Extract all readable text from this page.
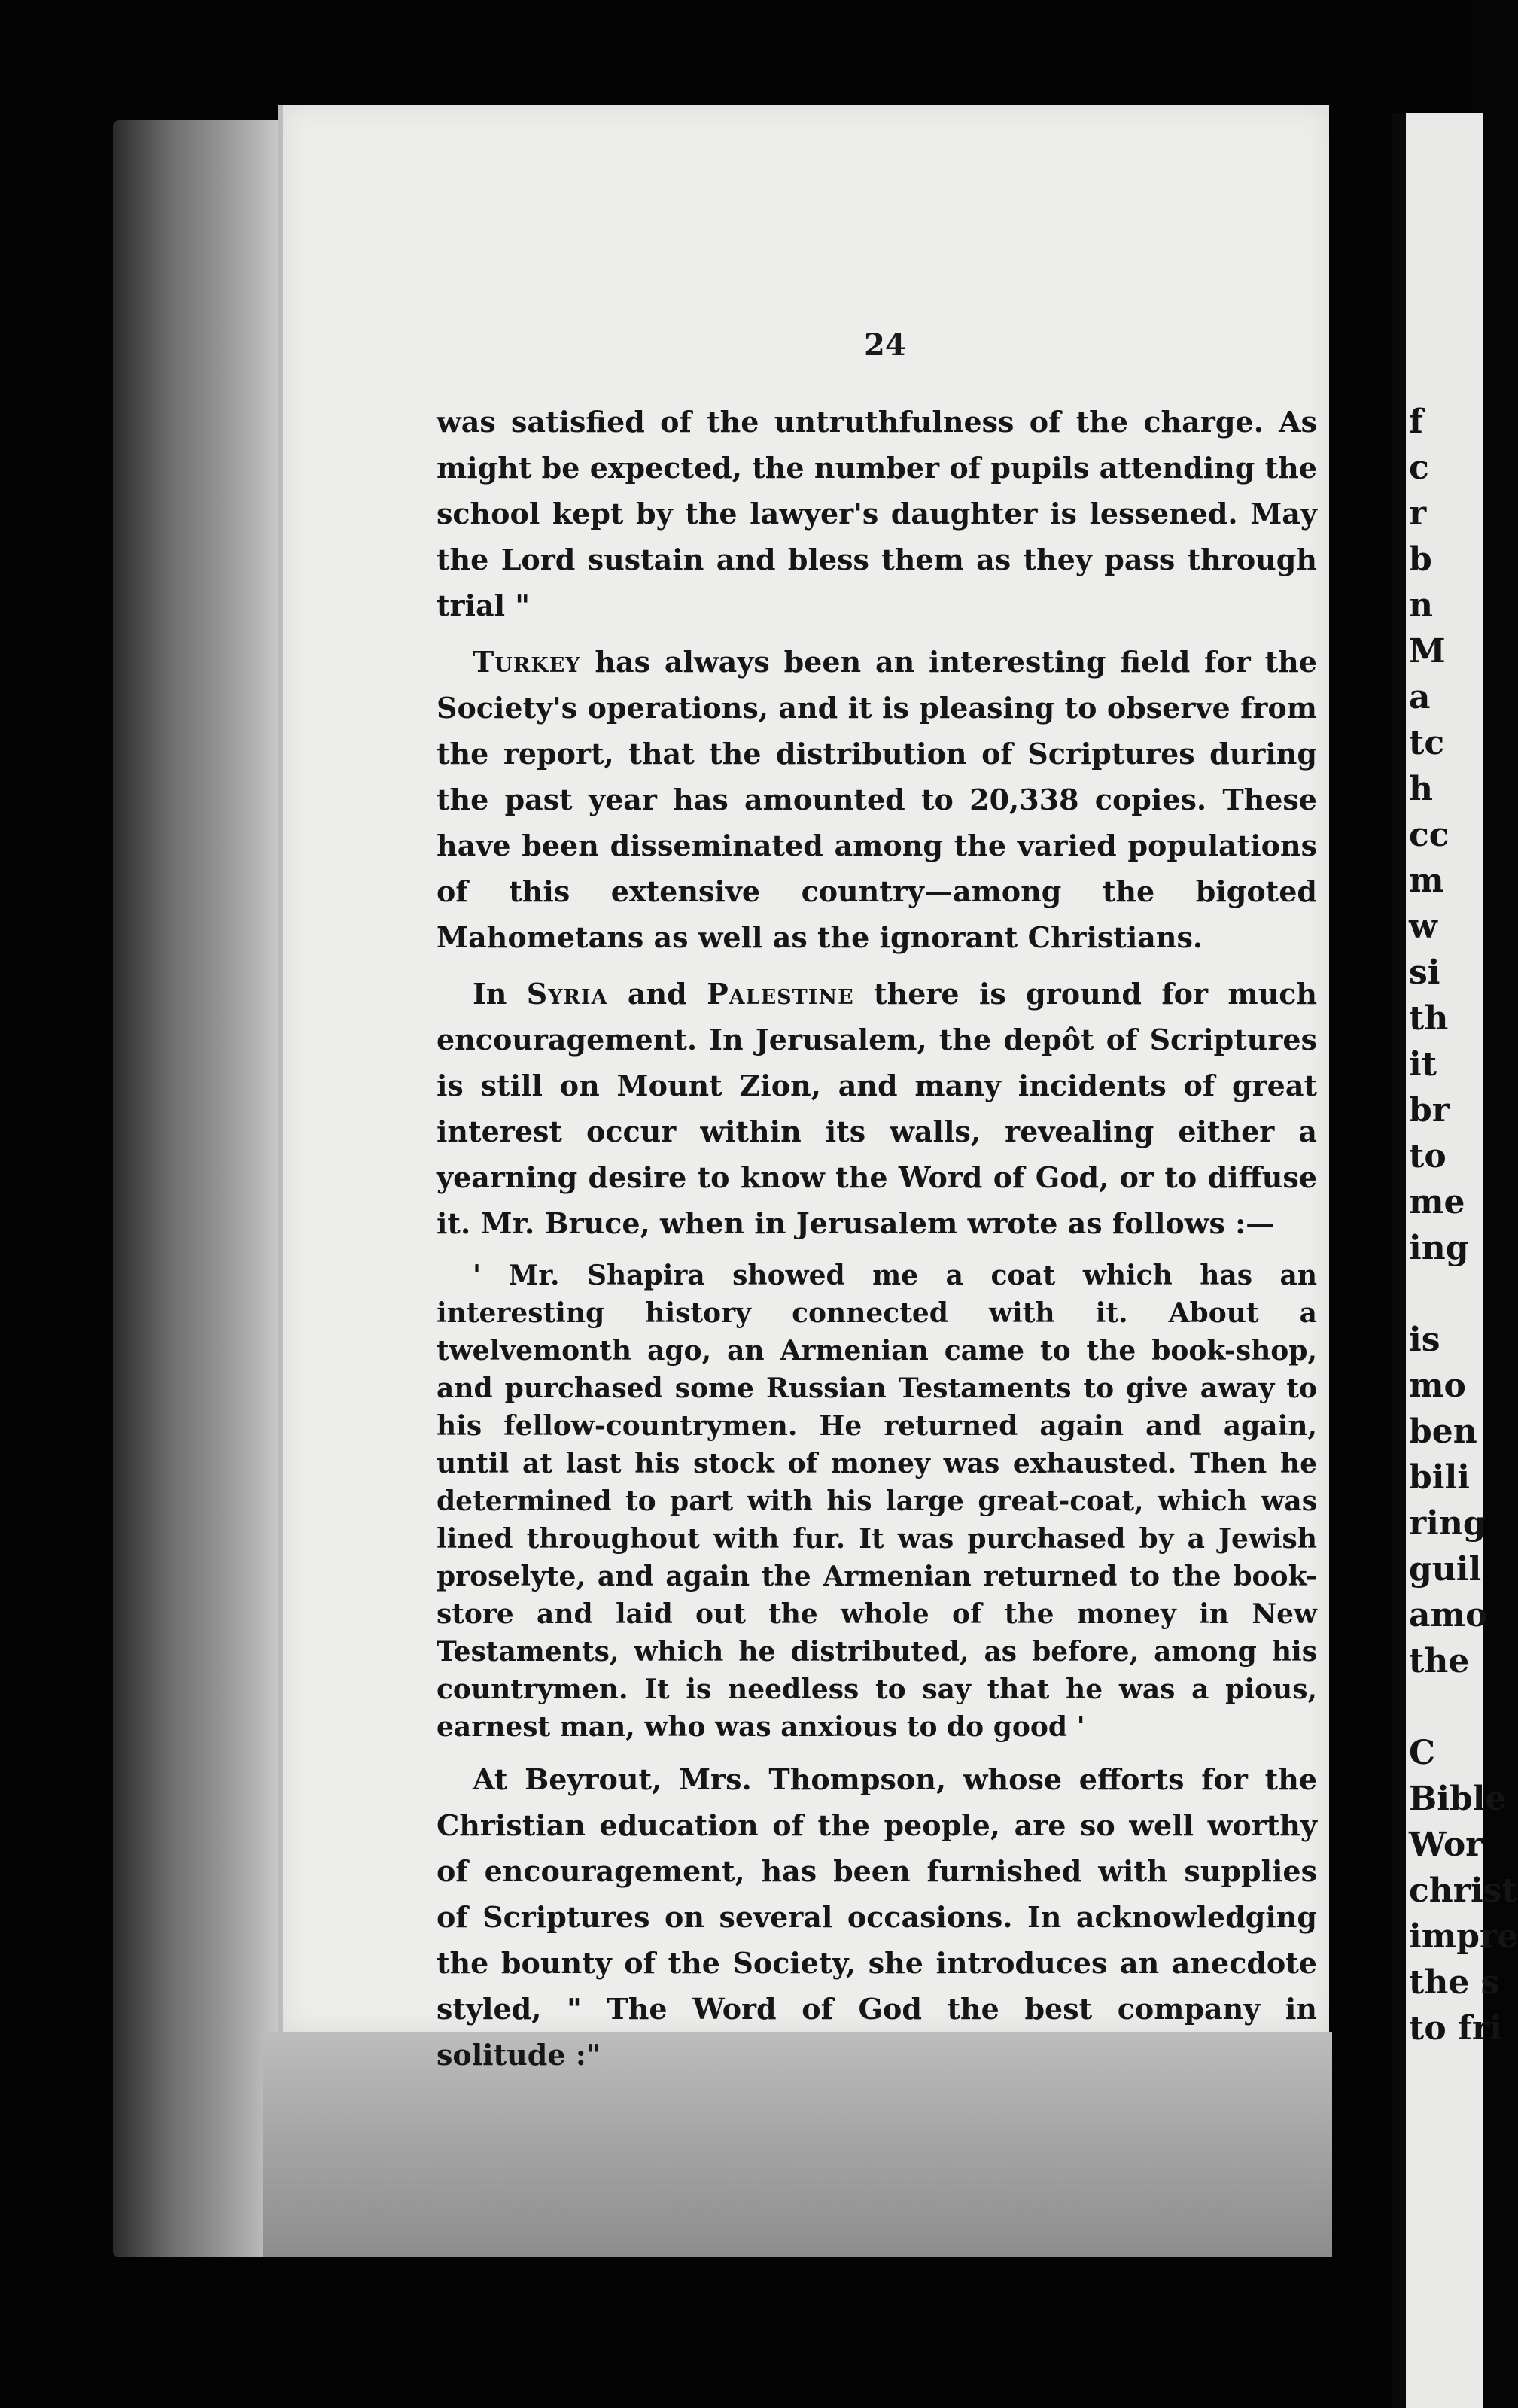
24

was satisfied of the untruthfulness of the charge. As might be expected, the number of pupils attending the school kept by the lawyer's daughter is lessened. May the Lord sustain and bless them as they pass through trial "

Turkey has always been an interesting field for the Society's operations, and it is pleasing to observe from the report, that the distribution of Scriptures during the past year has amounted to 20,338 copies. These have been disseminated among the varied populations of this extensive country—among the bigoted Mahometans as well as the ignorant Christians.

In Syria and Palestine there is ground for much encouragement. In Jerusalem, the depôt of Scriptures is still on Mount Zion, and many incidents of great interest occur within its walls, revealing either a yearning desire to know the Word of God, or to diffuse it. Mr. Bruce, when in Jerusalem wrote as follows :—

' Mr. Shapira showed me a coat which has an interesting history connected with it. About a twelvemonth ago, an Armenian came to the book-shop, and purchased some Russian Testaments to give away to his fellow-countrymen. He returned again and again, until at last his stock of money was exhausted. Then he determined to part with his large great-coat, which was lined throughout with fur. It was purchased by a Jewish proselyte, and again the Armenian returned to the book-store and laid out the whole of the money in New Testaments, which he distributed, as before, among his countrymen. It is needless to say that he was a pious, earnest man, who was anxious to do good '

At Beyrout, Mrs. Thompson, whose efforts for the Christian education of the people, are so well worthy of encouragement, has been furnished with supplies of Scriptures on several occasions. In acknowledging the bounty of the Society, she introduces an anecdote styled, " The Word of God the best company in solitude :"

f
c
r
b
n
M
a
tc
h
cc
m
w
si
th
it
br
to
me
ing

is
mo
ben
bili
ring
guil
amo
the

C
Bible
Wor
christ
impre
the s
to fri
